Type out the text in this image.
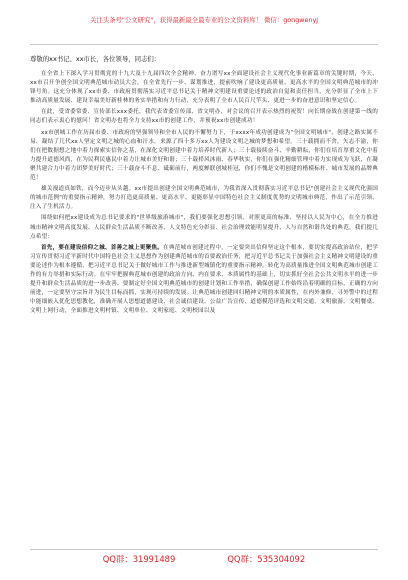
关注头条号"公文研究"，获得最新最全最专业的公文资料库！ 微信：gongwenyj
尊敬的xx书记、xx市长，各位领导，同志们：

在全省上下深入学习贯彻党的十九大及十九届四次全会精神、奋力谱写xx全面建设社会主义现代化事业新篇章的关键时期，今天，xx市召开争创全国文明典范城市动员大会，在全省先行一步、谋划推进，提前吹响了建设更高质量、更高水平的全国文明典范城市的冲锋号角。这充分体现了xx市委、市政府贯彻落实习近平总书记关于精神文明建设重要论述的政治自觉和责任担当，充分彰显了全市上下推动高质量发展、建设幸福美好新桂林的务实举措和有力行动，充分表明了全市人民百尺竿头、更进一步的奋进意识和坚定信心。

在此，受省委常委、宣传部长xxx委托，我代表省委宣传部、省文明办，对会议的召开表示热烈的祝贺！向长期奋战在创建第一线的同志们表示衷心的慰问！省文明办也将全力支持xx市的创建工作，并预祝xx市创建成功！

xx市创城工作在历届市委、市政府的坚强领导和全市人民的不懈努力下，于xxxx年成功创建成为"全国文明城市"，创建之路实属不易、凝结了几代xx人坚定文明之城的心血和汗水。来源了四十多万xx人为建设文明之城的梦想和希望。三十载拥而不舍，矢志不渝，你们在把数据想之地中着力探索实信你之基，在深化文明创建中着力培养时代新人；三十载接续奋斗、辛勤耕耘，你们在培育厚重文化中着力提升道德风尚，在为民利民惠民中着力让城市美好和谐；三十载栉风沐雨、春华秋实，你们在强化精细管理中着力实现成为飞跃，在凝聚共建合力中着力团梦美好时代；三十载奋斗不息、砥砺前行，两度蝉联创城桂冠，你们不愧是文明创建的楷模标杆、城市发展的品牌典范！

雄关漫道真如铁，而今迈步从头越。xx市提出创建全国文明典范城市，为我省深入贯彻落实习近平总书记"创建社会主义现代化强国的城市范例"的重要指示精神，努力打造更高质量、更高水平、更能彰显中国特色社会主义制度优势的文明城市典范，作出了示范引领、注入了生机活力。

围绕如何把xx建设成为总书记要求的"世界级旅游城市"，我们要强化思想引领、对照更高的标准、坚持以人民为中心，在全力推进城市精神文明高度发展、人民群众生活品质不断改善、人文特色充分彰显、社会治理效能明显提升、人与自然和谐共处的典范。我们提几点希望：

首先，要在建设信仰之城、首善之城上更聚焦。在典范城市创建过程中，一定要突出信仰坚定这个根本，要切实提高政治站位，把学习宣传贯彻习近平新时代中国特色社会主义思想作为创建典范城市的首要政治任务，把习近平总书记关于加强社会主义精神文明建设的重要论述作为根本遵循，把习近平总书记关于做好城市工作与推进新型城镇化的重要指示精神，转化为高质量推进全国文明典范城市创建工作的有力举措和实际行动。在牢牢把握典范城市创建的政治方向、内在要求、本质属性的基础上，切实抓好全社会公共文明水平的进一步提升和群众生活品质的进一步改善，要制定好全国文明典范城市的创建计划和工作举措，确保创建工作始终沿着明确的目标、正确的方向前进，一定要坚守宗旨并为民生目标而抓，实现可持续的发展。让典范城市创建回归精神文明的本质属性，在内外兼修、寻外警中的过程中能细嵌入优化思想教化，准确开展人思想道德建设、社会诚信建设、公益广告宣传、道德模范评选和文明交通、文明旅游、文明餐桌、文明上网行动，全面推进文明村镇、文明单位、文明家庭、文明校园以及

QQ群：31991489	QQ群：535304092
